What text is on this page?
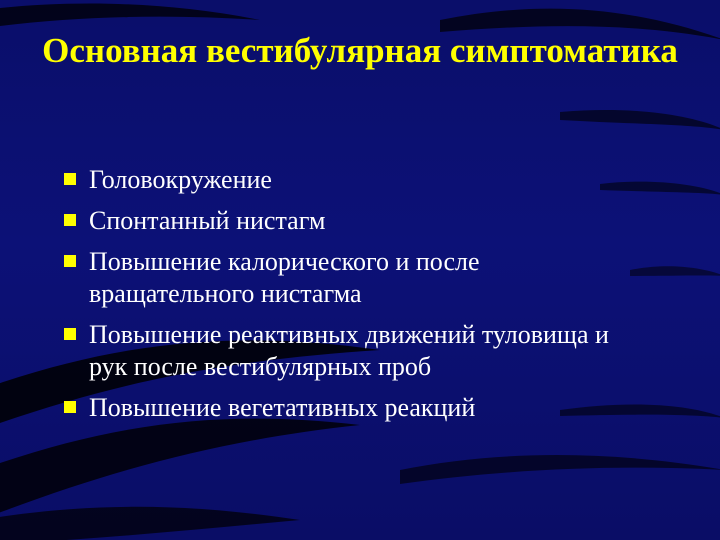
Основная вестибулярная симптоматика
Головокружение
Спонтанный нистагм
Повышение калорического и после вращательного нистагма
Повышение реактивных движений туловища и рук после вестибулярных проб
Повышение вегетативных реакций
